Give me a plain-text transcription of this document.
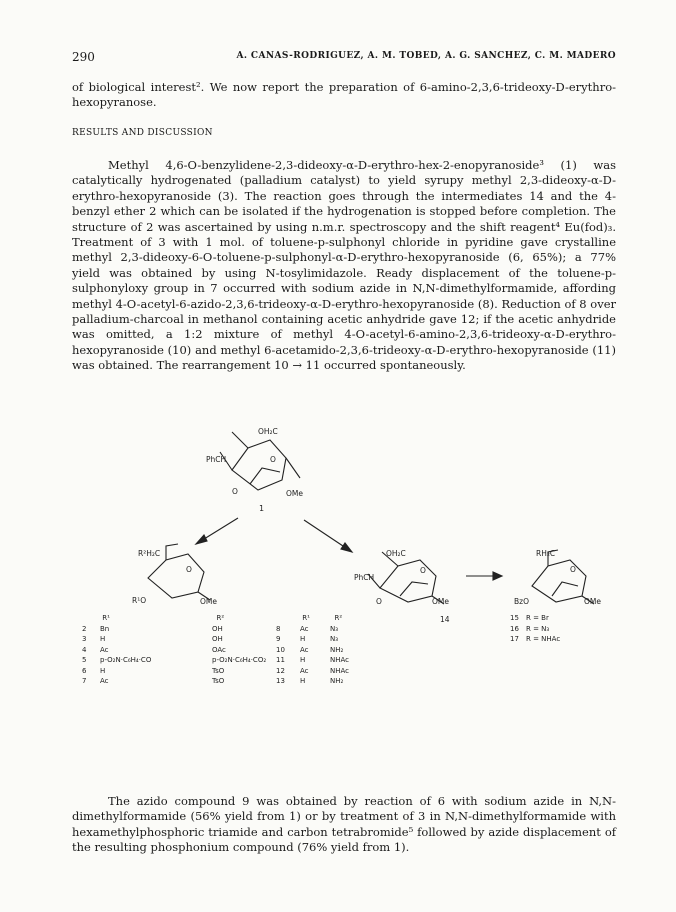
290	A. CANAS-RODRIGUEZ, A. M. TOBED, A. G. SANCHEZ, C. M. MADERO

of biological interest². We now report the preparation of 6-amino-2,3,6-trideoxy-D-erythro-hexopyranose.

RESULTS AND DISCUSSION

Methyl 4,6-O-benzylidene-2,3-dideoxy-α-D-erythro-hex-2-enopyranoside³ (1) was catalytically hydrogenated (palladium catalyst) to yield syrupy methyl 2,3-dideoxy-α-D-erythro-hexopyranoside (3). The reaction goes through the intermediates 14 and the 4-benzyl ether 2 which can be isolated if the hydrogenation is stopped before completion. The structure of 2 was ascertained by using n.m.r. spectroscopy and the shift reagent⁴ Eu(fod)₃. Treatment of 3 with 1 mol. of toluene-p-sulphonyl chloride in pyridine gave crystalline methyl 2,3-dideoxy-6-O-toluene-p-sulphonyl-α-D-erythro-hexopyranoside (6, 65%); a 77% yield was obtained by using N-tosylimidazole. Ready displacement of the toluene-p-sulphonyloxy group in 7 occurred with sodium azide in N,N-dimethylformamide, affording methyl 4-O-acetyl-6-azido-2,3,6-trideoxy-α-D-erythro-hexopyranoside (8). Reduction of 8 over palladium-charcoal in methanol containing acetic anhydride gave 12; if the acetic anhydride was omitted, a 1:2 mixture of methyl 4-O-acetyl-6-amino-2,3,6-trideoxy-α-D-erythro-hexopyranoside (10) and methyl 6-acetamido-2,3,6-trideoxy-α-D-erythro-hexopyranoside (11) was obtained. The rearrangement 10 → 11 occurred spontaneously.

OH₂C
PhCH	O
O	OMe
1
R²H₂C
O
R¹O	OMe
OH₂C
PhCH
O
O	OMe
14
RH₂C
O
BzO	OMe
R¹	R²
2 Bn	OH
3 H	OH
4 Ac	OAc
5 p-O₂N·C₆H₄·CO	p-O₂N·C₆H₄·CO₂
6 H	TsO
7 Ac	TsO
R¹	R²
8	Ac	N₃
9	H	N₃
10 Ac	NH₂
11 H	NHAc
12 Ac	NHAc
13 H	NH₂
15 R = Br
16 R = N₃
17 R = NHAc

The azido compound 9 was obtained by reaction of 6 with sodium azide in N,N-dimethylformamide (56% yield from 1) or by treatment of 3 in N,N-dimethylformamide with hexamethylphosphoric triamide and carbon tetrabromide⁵ followed by azide displacement of the resulting phosphonium compound (76% yield from 1).
